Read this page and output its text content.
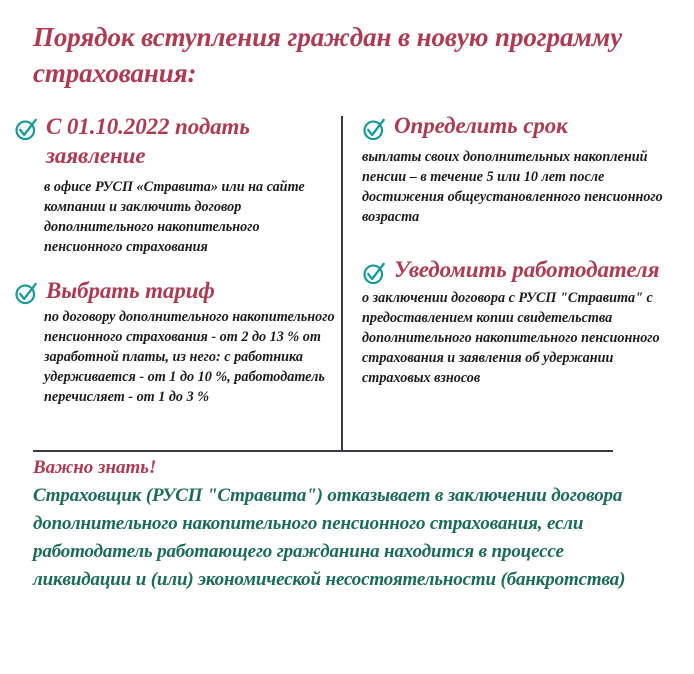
Порядок вступления граждан в новую программу страхования:
С 01.10.2022 подать заявление
в офисе РУСП «Стравита» или на сайте компании и заключить договор дополнительного накопительного пенсионного страхования
Выбрать тариф
по договору дополнительного накопительного пенсионного страхования - от 2 до 13 % от заработной платы, из него: с работника удерживается - от 1 до 10 %, работодатель перечисляет - от 1 до 3 %
Определить срок
выплаты своих дополнительных накоплений пенсии – в течение 5 или 10 лет после достижения общеустановленного пенсионного возраста
Уведомить работодателя
о заключении договора с РУСП "Стравита" с предоставлением копии свидетельства дополнительного накопительного пенсионного страхования и заявления об удержании страховых взносов
Важно знать!
Страховщик (РУСП "Стравита") отказывает в заключении договора дополнительного накопительного пенсионного страхования, если работодатель работающего гражданина находится в процессе ликвидации и (или) экономической несостоятельности (банкротства)
